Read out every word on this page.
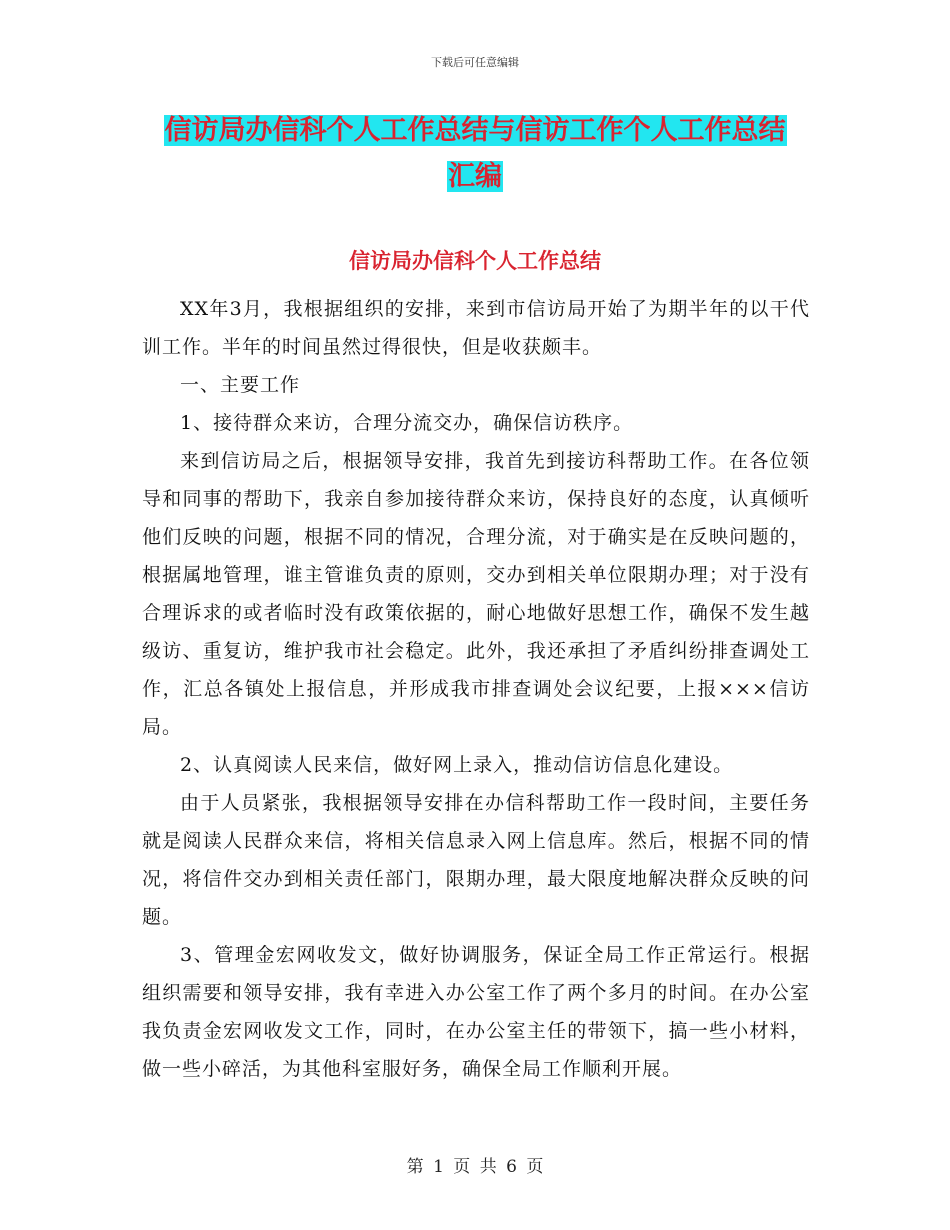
下载后可任意编辑
信访局办信科个人工作总结与信访工作个人工作总结
汇编
信访局办信科个人工作总结

XX年3月，我根据组织的安排，来到市信访局开始了为期半年的以干代训工作。半年的时间虽然过得很快，但是收获颇丰。

一、主要工作

1、接待群众来访，合理分流交办，确保信访秩序。

来到信访局之后，根据领导安排，我首先到接访科帮助工作。在各位领导和同事的帮助下，我亲自参加接待群众来访，保持良好的态度，认真倾听他们反映的问题，根据不同的情况，合理分流，对于确实是在反映问题的，根据属地管理，谁主管谁负责的原则，交办到相关单位限期办理；对于没有合理诉求的或者临时没有政策依据的，耐心地做好思想工作，确保不发生越级访、重复访，维护我市社会稳定。此外，我还承担了矛盾纠纷排查调处工作，汇总各镇处上报信息，并形成我市排查调处会议纪要，上报×××信访局。

2、认真阅读人民来信，做好网上录入，推动信访信息化建设。

由于人员紧张，我根据领导安排在办信科帮助工作一段时间，主要任务就是阅读人民群众来信，将相关信息录入网上信息库。然后，根据不同的情况，将信件交办到相关责任部门，限期办理，最大限度地解决群众反映的问题。

3、管理金宏网收发文，做好协调服务，保证全局工作正常运行。根据组织需要和领导安排，我有幸进入办公室工作了两个多月的时间。在办公室我负责金宏网收发文工作，同时，在办公室主任的带领下，搞一些小材料，做一些小碎活，为其他科室服好务，确保全局工作顺利开展。

第 1 页 共 6 页
